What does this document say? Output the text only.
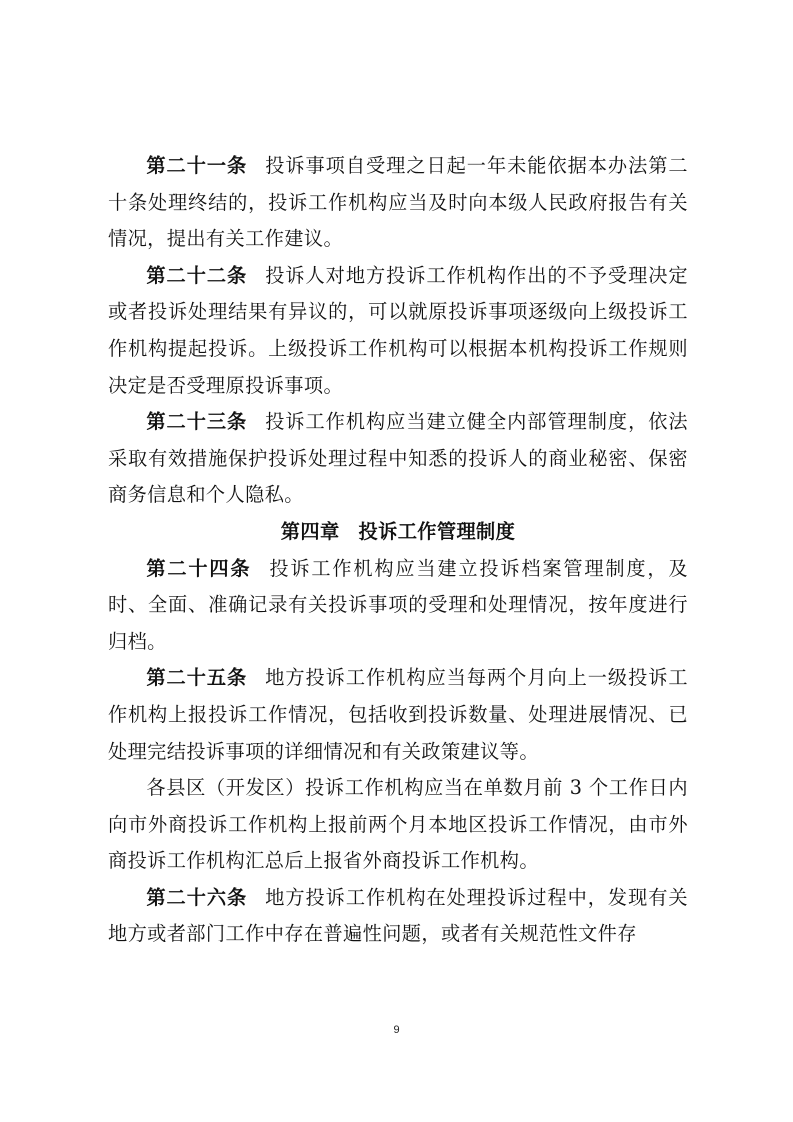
第二十一条 投诉事项自受理之日起一年未能依据本办法第二十条处理终结的，投诉工作机构应当及时向本级人民政府报告有关情况，提出有关工作建议。

第二十二条 投诉人对地方投诉工作机构作出的不予受理决定或者投诉处理结果有异议的，可以就原投诉事项逐级向上级投诉工作机构提起投诉。上级投诉工作机构可以根据本机构投诉工作规则决定是否受理原投诉事项。

第二十三条 投诉工作机构应当建立健全内部管理制度，依法采取有效措施保护投诉处理过程中知悉的投诉人的商业秘密、保密商务信息和个人隐私。

第四章 投诉工作管理制度

第二十四条 投诉工作机构应当建立投诉档案管理制度，及时、全面、准确记录有关投诉事项的受理和处理情况，按年度进行归档。

第二十五条 地方投诉工作机构应当每两个月向上一级投诉工作机构上报投诉工作情况，包括收到投诉数量、处理进展情况、已处理完结投诉事项的详细情况和有关政策建议等。

各县区（开发区）投诉工作机构应当在单数月前 3 个工作日内向市外商投诉工作机构上报前两个月本地区投诉工作情况，由市外商投诉工作机构汇总后上报省外商投诉工作机构。

第二十六条 地方投诉工作机构在处理投诉过程中，发现有关地方或者部门工作中存在普遍性问题，或者有关规范性文件存

9
